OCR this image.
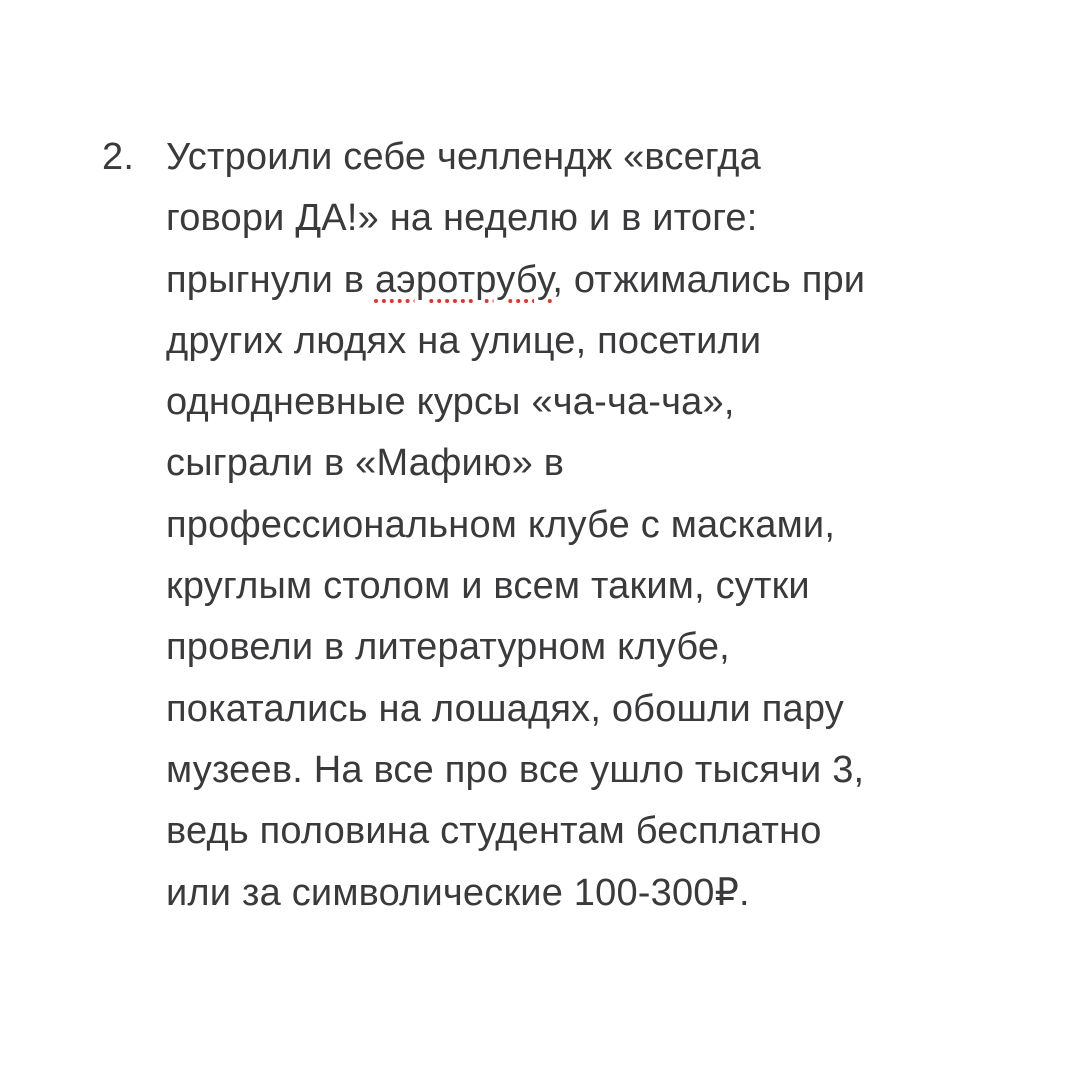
2. Устроили себе челлендж «всегда
говори ДА!» на неделю и в итоге:
прыгнули в аэротрубу, отжимались при
других людях на улице, посетили
однодневные курсы «ча-ча-ча»,
сыграли в «Мафию» в
профессиональном клубе с масками,
круглым столом и всем таким, сутки
провели в литературном клубе,
покатались на лошадях, обошли пару
музеев. На все про все ушло тысячи 3,
ведь половина студентам бесплатно
или за символические 100-300₽.
